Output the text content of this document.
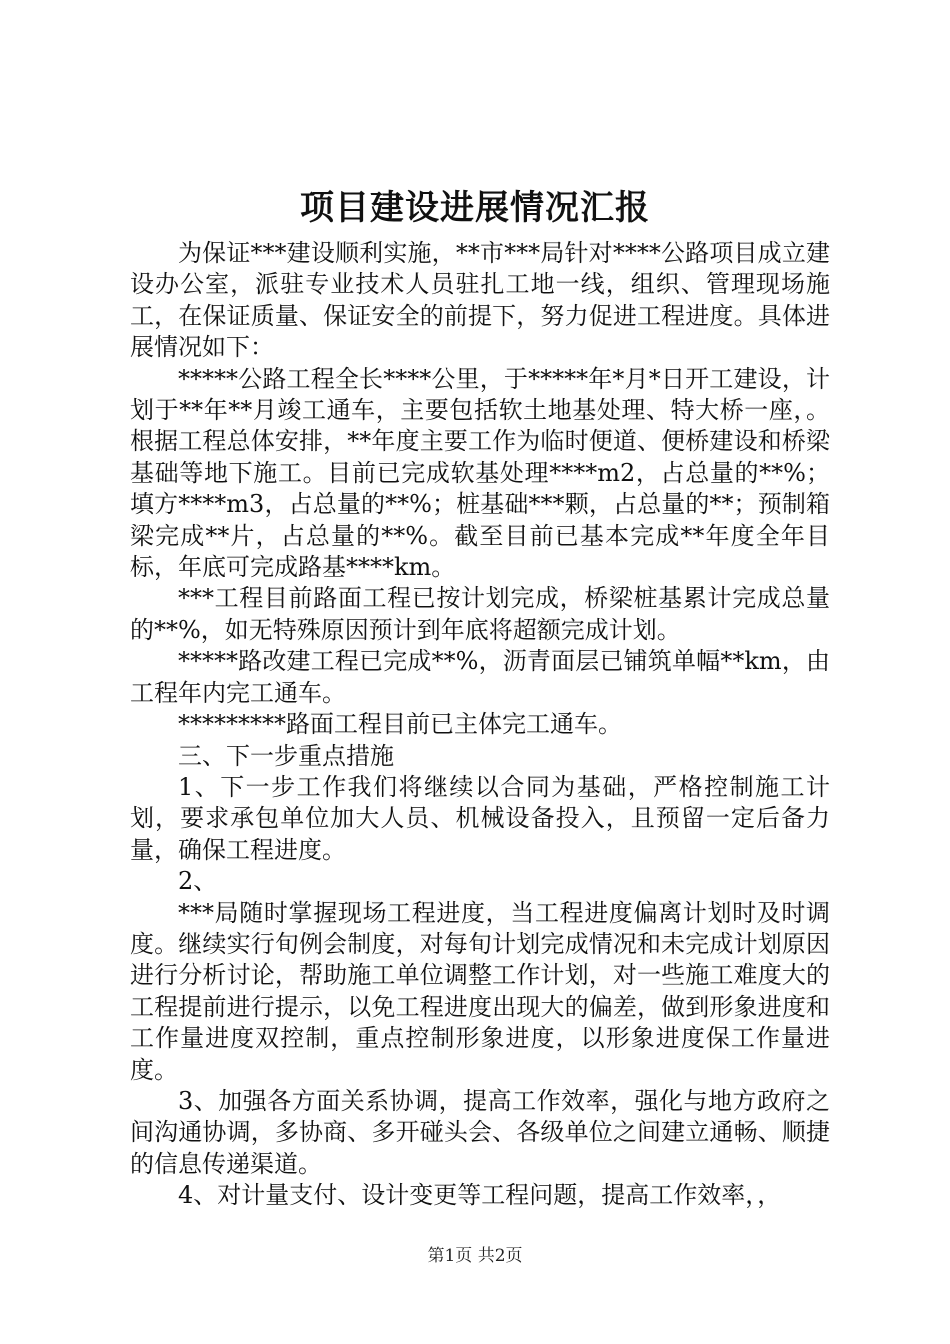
项目建设进展情况汇报

为保证***建设顺利实施，**市***局针对****公路项目成立建设办公室，派驻专业技术人员驻扎工地一线，组织、管理现场施工，在保证质量、保证安全的前提下，努力促进工程进度。具体进展情况如下：

*****公路工程全长****公里，于*****年*月*日开工建设，计划于**年**月竣工通车，主要包括软土地基处理、特大桥一座，。根据工程总体安排，**年度主要工作为临时便道、便桥建设和桥梁基础等地下施工。目前已完成软基处理****m2，占总量的**%；填方****m3，占总量的**%；桩基础***颗，占总量的**；预制箱梁完成**片，占总量的**%。截至目前已基本完成**年度全年目标，年底可完成路基****km。

***工程目前路面工程已按计划完成，桥梁桩基累计完成总量的**%，如无特殊原因预计到年底将超额完成计划。

*****路改建工程已完成**%，沥青面层已铺筑单幅**km，由工程年内完工通车。

*********路面工程目前已主体完工通车。

三、下一步重点措施

1、下一步工作我们将继续以合同为基础，严格控制施工计划，要求承包单位加大人员、机械设备投入，且预留一定后备力量，确保工程进度。

2、

***局随时掌握现场工程进度，当工程进度偏离计划时及时调度。继续实行旬例会制度，对每旬计划完成情况和未完成计划原因进行分析讨论，帮助施工单位调整工作计划，对一些施工难度大的工程提前进行提示，以免工程进度出现大的偏差，做到形象进度和工作量进度双控制，重点控制形象进度，以形象进度保工作量进度。

3、加强各方面关系协调，提高工作效率，强化与地方政府之间沟通协调，多协商、多开碰头会、各级单位之间建立通畅、顺捷的信息传递渠道。

4、对计量支付、设计变更等工程问题，提高工作效率，，

第1页 共2页
